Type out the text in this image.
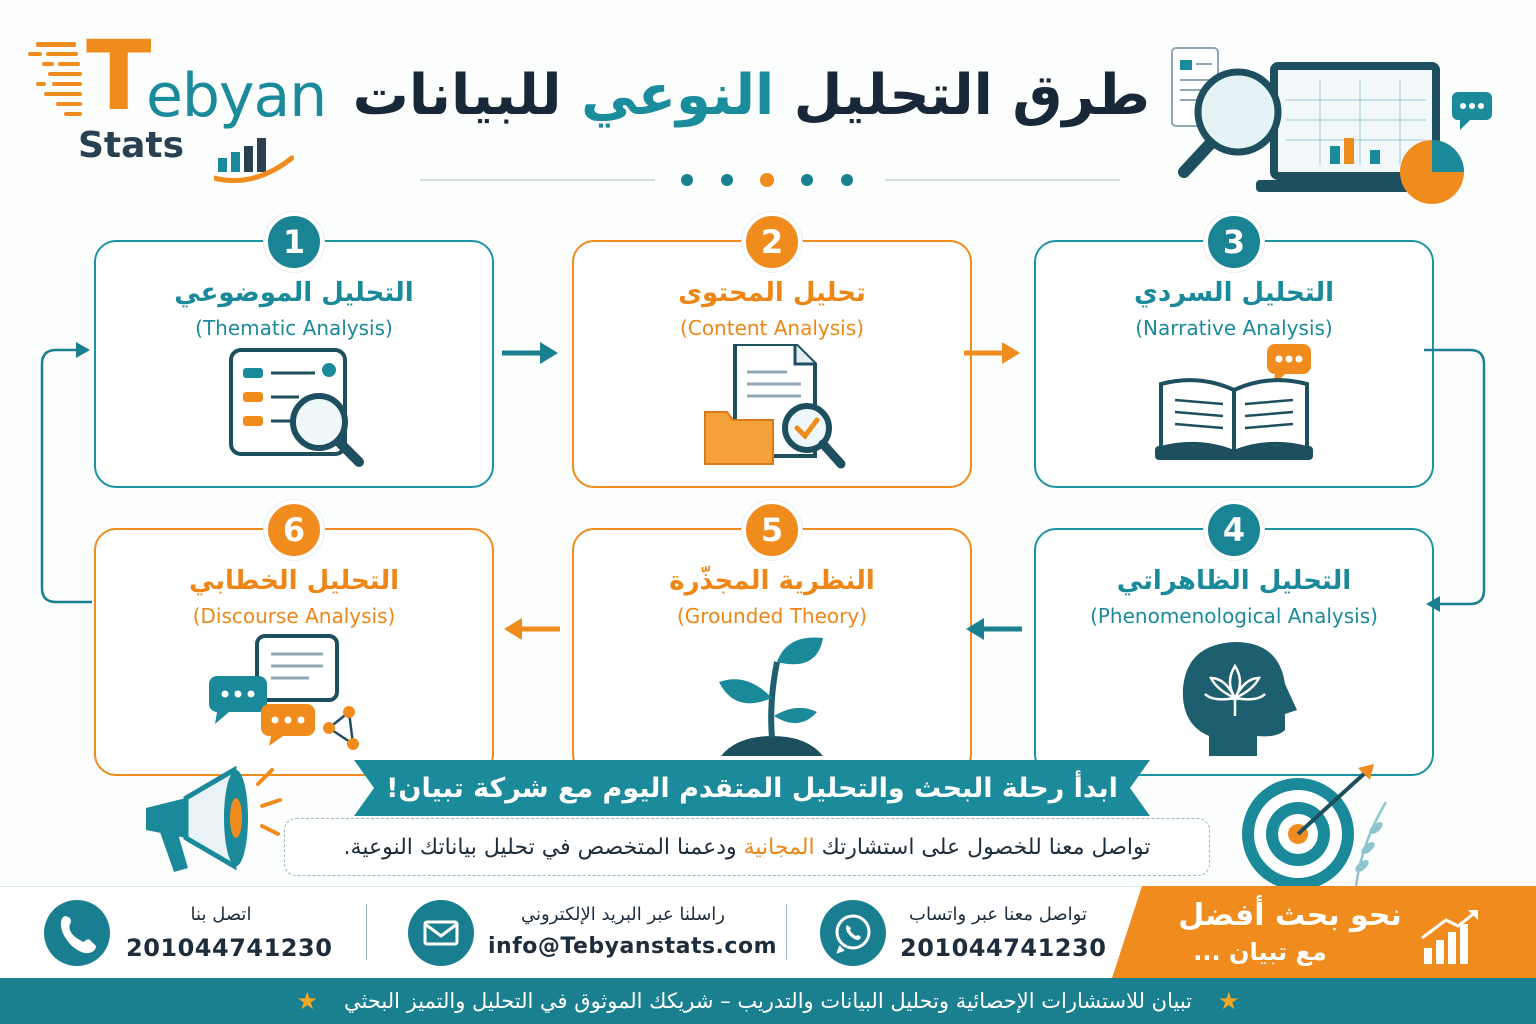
T
ebyan
Stats
طرق التحليل النوعي للبيانات
1
التحليل الموضوعي
(Thematic Analysis)
2
تحليل المحتوى
(Content Analysis)
3
التحليل السردي
(Narrative Analysis)
4
التحليل الظاهراتي
(Phenomenological Analysis)
5
النظرية المجذّرة
(Grounded Theory)
6
التحليل الخطابي
(Discourse Analysis)
ابدأ رحلة البحث والتحليل المتقدم اليوم مع شركة تبيان!
تواصل معنا للخصول على استشارتك

المجانية

ودعمنا المتخصص في تحليل بياناتك النوعية.
اتصل بنا
201044741230
راسلنا عبر البريد الإلكتروني
info@Tebyanstats.com
تواصل معنا عبر واتساب
201044741230
نحو بحث أفضل
مع تبيان ...
★
تبيان للاستشارات الإحصائية وتحليل البيانات والتدريب – شريكك الموثوق في التحليل والتميز البحثي
★
